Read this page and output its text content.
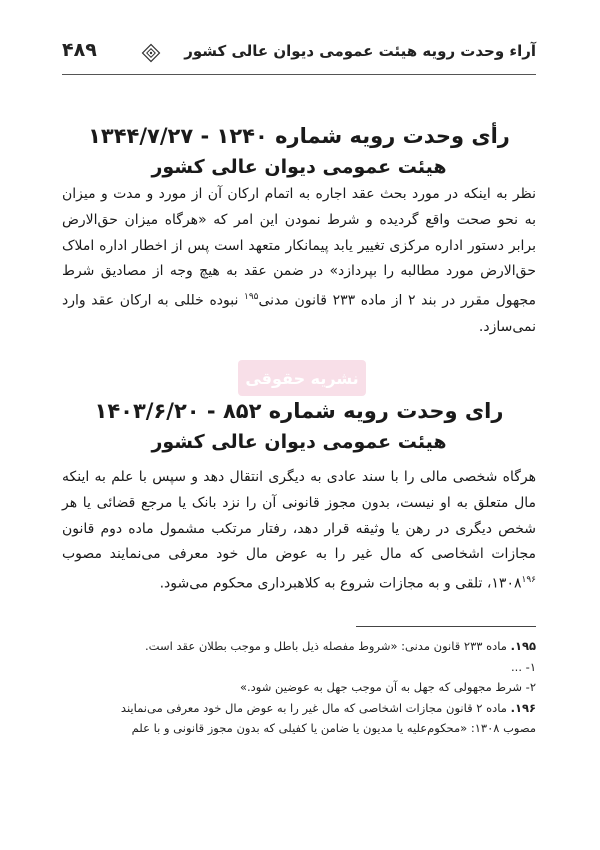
آراء وحدت رویه هیئت عمومی دیوان عالی کشور
۴۸۹
رأی وحدت رویه شماره ۱۲۴۰ - ۱۳۴۴/۷/۲۷
هیئت عمومی دیوان عالی کشور
نظر به اینکه در مورد بحث عقد اجاره به اتمام ارکان آن از مورد و مدت و میزان به نحو صحت واقع گردیده و شرط نمودن این امر که «هرگاه میزان حق‌الارض برابر دستور اداره مرکزی تغییر یابد پیمانکار متعهد است پس از اخطار اداره املاک حق‌الارض مورد مطالبه را بپردازد» در ضمن عقد به هیچ وجه از مصادیق شرط مجهول مقرر در بند ۲ از ماده ۲۳۳ قانون مدنی$^{۱۹۵}$ نبوده خللی به ارکان عقد وارد نمی‌سازد.
نشریه حقوقی
رای وحدت رویه شماره ۸۵۲ - ۱۴۰۳/۶/۲۰
هیئت عمومی دیوان عالی کشور
هرگاه شخصی مالی را با سند عادی به دیگری انتقال دهد و سپس با علم به اینکه مال متعلق به او نیست، بدون مجوز قانونی آن را نزد بانک یا مرجع قضائی یا هر شخص دیگری در رهن یا وثیقه قرار دهد، رفتار مرتکب مشمول ماده دوم قانون مجازات اشخاصی که مال غیر را به عوض مال خود معرفی می‌نمایند مصوب ۱۳۰۸$^{۱۹۶}$، تلقی و به مجازات شروع به کلاهبرداری محکوم می‌شود.
۱۹۵. ماده ۲۳۳ قانون مدنی: «شروط مفصله ذیل باطل و موجب بطلان عقد است.
۱- ...
۲- شرط مجهولی که جهل به آن موجب جهل به عوضین شود.»
۱۹۶. ماده ۲ قانون مجازات اشخاصی که مال غیر را به عوض مال خود معرفی می‌نمایند
مصوب ۱۳۰۸: «محکوم‌علیه یا مدیون یا ضامن یا کفیلی که بدون مجوز قانونی و با علم
